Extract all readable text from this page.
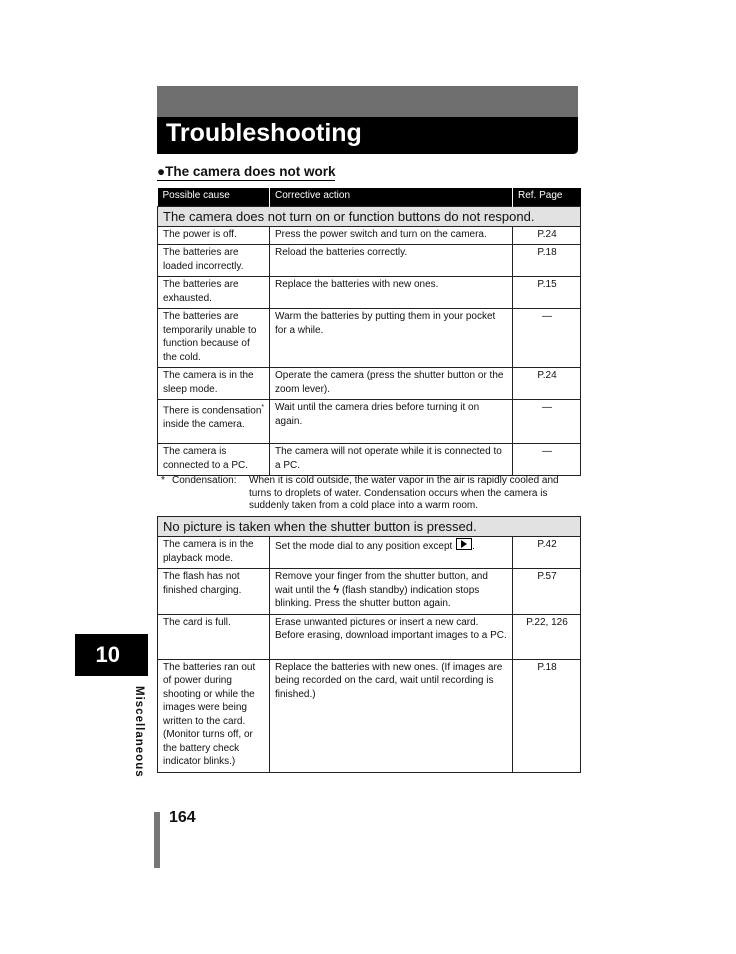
Troubleshooting
●The camera does not work
Possible cause	Corrective action	Ref. Page
The camera does not turn on or function buttons do not respond.		
The power is off.	Press the power switch and turn on the camera.	P.24
The batteries are loaded incorrectly.	Reload the batteries correctly.	P.18
The batteries are exhausted.	Replace the batteries with new ones.	P.15
The batteries are temporarily unable to function because of the cold.	Warm the batteries by putting them in your pocket for a while.	—
The camera is in the sleep mode.	Operate the camera (press the shutter button or the zoom lever).	P.24
There is condensation* inside the camera.	Wait until the camera dries before turning it on again.	—
The camera is connected to a PC.	The camera will not operate while it is connected to a PC.	—
* Condensation: When it is cold outside, the water vapor in the air is rapidly cooled and turns to droplets of water. Condensation occurs when the camera is suddenly taken from a cold place into a warm room.
No picture is taken when the shutter button is pressed.		
The camera is in the playback mode.	Set the mode dial to any position except .	P.42
The flash has not finished charging.	Remove your finger from the shutter button, and wait until the ϟ (flash standby) indication stops blinking. Press the shutter button again.	P.57
The card is full.	Erase unwanted pictures or insert a new card. Before erasing, download important images to a PC.	P.22, 126
The batteries ran out of power during shooting or while the images were being written to the card. (Monitor turns off, or the battery check indicator blinks.)	Replace the batteries with new ones. (If images are being recorded on the card, wait until recording is finished.)	P.18
10
Miscellaneous
164
